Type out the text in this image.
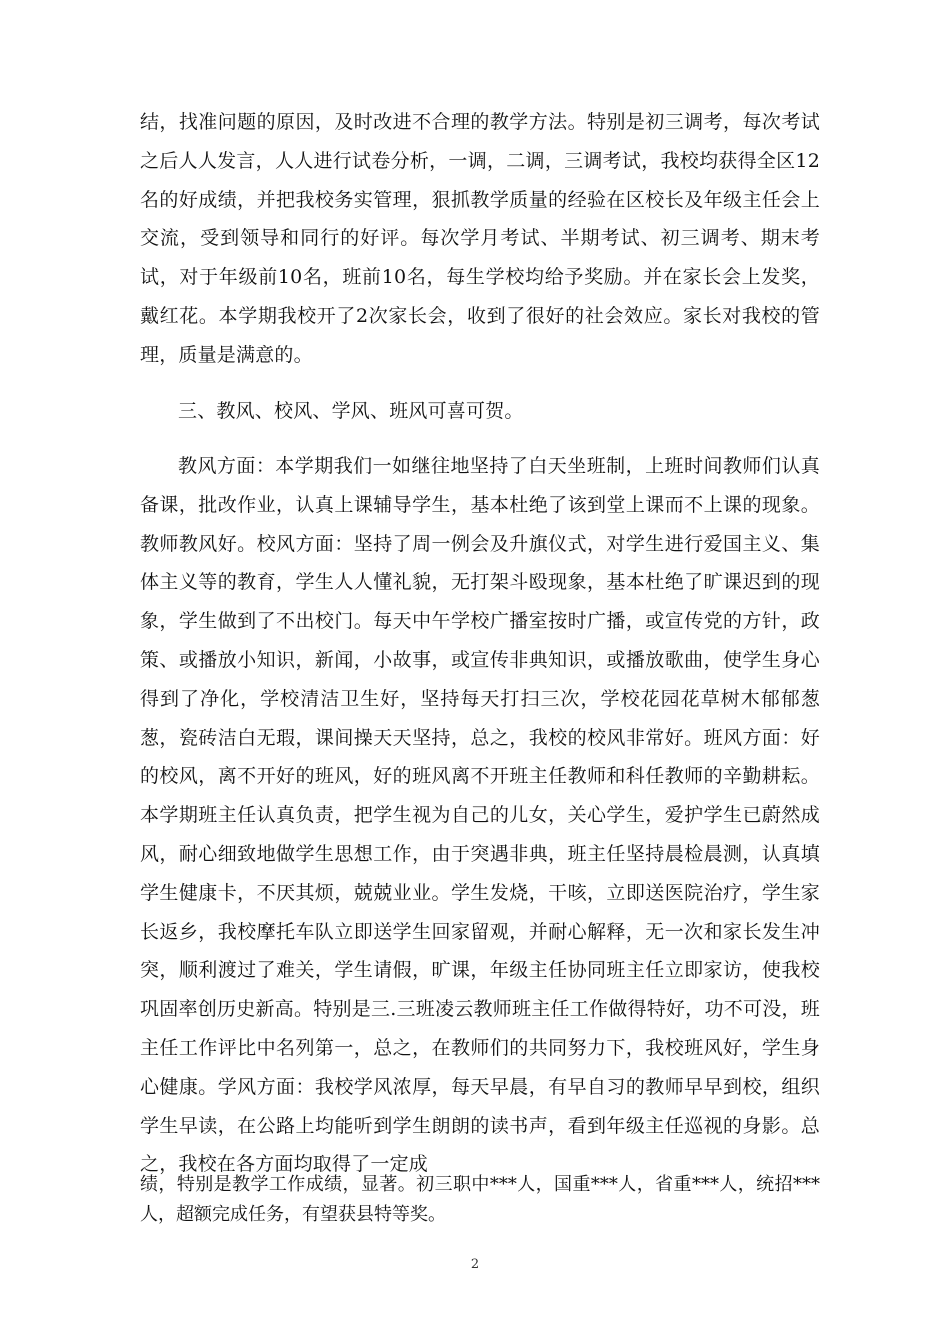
结，找准问题的原因，及时改进不合理的教学方法。特别是初三调考，每次考试之后人人发言，人人进行试卷分析，一调，二调，三调考试，我校均获得全区12名的好成绩，并把我校务实管理，狠抓教学质量的经验在区校长及年级主任会上交流，受到领导和同行的好评。每次学月考试、半期考试、初三调考、期末考试，对于年级前10名，班前10名，每生学校均给予奖励。并在家长会上发奖，戴红花。本学期我校开了2次家长会，收到了很好的社会效应。家长对我校的管理，质量是满意的。

三、教风、校风、学风、班风可喜可贺。

教风方面：本学期我们一如继往地坚持了白天坐班制，上班时间教师们认真备课，批改作业，认真上课辅导学生，基本杜绝了该到堂上课而不上课的现象。教师教风好。校风方面：坚持了周一例会及升旗仪式，对学生进行爱国主义、集体主义等的教育，学生人人懂礼貌，无打架斗殴现象，基本杜绝了旷课迟到的现象，学生做到了不出校门。每天中午学校广播室按时广播，或宣传党的方针，政策、或播放小知识，新闻，小故事，或宣传非典知识，或播放歌曲，使学生身心得到了净化，学校清洁卫生好，坚持每天打扫三次，学校花园花草树木郁郁葱葱，瓷砖洁白无瑕，课间操天天坚持，总之，我校的校风非常好。班风方面：好的校风，离不开好的班风，好的班风离不开班主任教师和科任教师的辛勤耕耘。本学期班主任认真负责，把学生视为自己的儿女，关心学生，爱护学生已蔚然成风，耐心细致地做学生思想工作，由于突遇非典，班主任坚持晨检晨测，认真填学生健康卡，不厌其烦，兢兢业业。学生发烧，干咳，立即送医院治疗，学生家长返乡，我校摩托车队立即送学生回家留观，并耐心解释，无一次和家长发生冲突，顺利渡过了难关，学生请假，旷课，年级主任协同班主任立即家访，使我校巩固率创历史新高。特别是三.三班凌云教师班主任工作做得特好，功不可没，班主任工作评比中名列第一，总之，在教师们的共同努力下，我校班风好，学生身心健康。学风方面：我校学风浓厚，每天早晨，有早自习的教师早早到校，组织学生早读，在公路上均能听到学生朗朗的读书声，看到年级主任巡视的身影。总之，我校在各方面均取得了一定成

绩，特别是教学工作成绩，显著。初三职中***人，国重***人，省重***人，统招***人，超额完成任务，有望获县特等奖。

2
